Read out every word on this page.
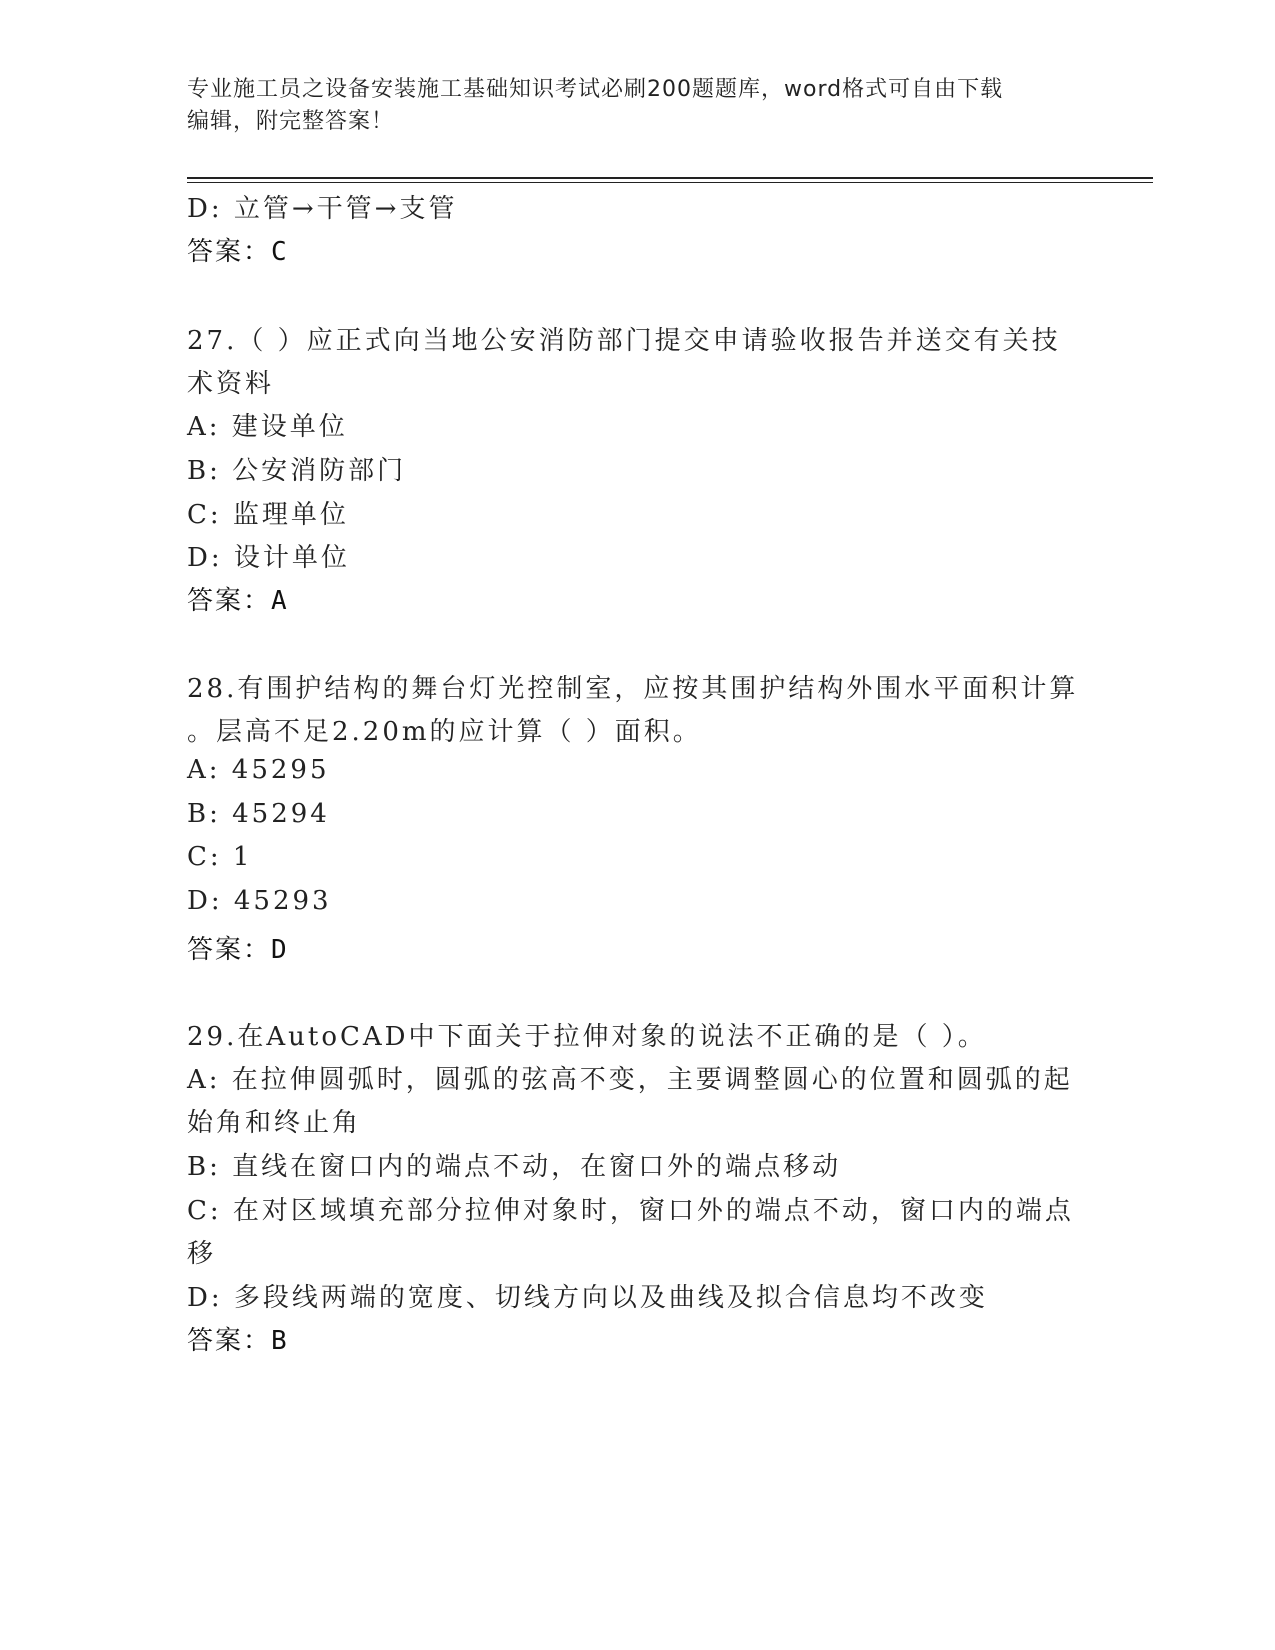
专业施工员之设备安装施工基础知识考试必刷200题题库，word格式可自由下载
编辑，附完整答案！
D: 立管→干管→支管
答案：C
27.（ ）应正式向当地公安消防部门提交申请验收报告并送交有关技
术资料
A: 建设单位
B: 公安消防部门
C: 监理单位
D: 设计单位
答案：A
28.有围护结构的舞台灯光控制室，应按其围护结构外围水平面积计算
。层高不足2.20m的应计算（ ）面积。
A: 45295
B: 45294
C: 1
D: 45293
答案：D
29.在AutoCAD中下面关于拉伸对象的说法不正确的是（ ）。
A: 在拉伸圆弧时，圆弧的弦高不变，主要调整圆心的位置和圆弧的起
始角和终止角
B: 直线在窗口内的端点不动，在窗口外的端点移动
C: 在对区域填充部分拉伸对象时，窗口外的端点不动，窗口内的端点
移
D: 多段线两端的宽度、切线方向以及曲线及拟合信息均不改变
答案：B
